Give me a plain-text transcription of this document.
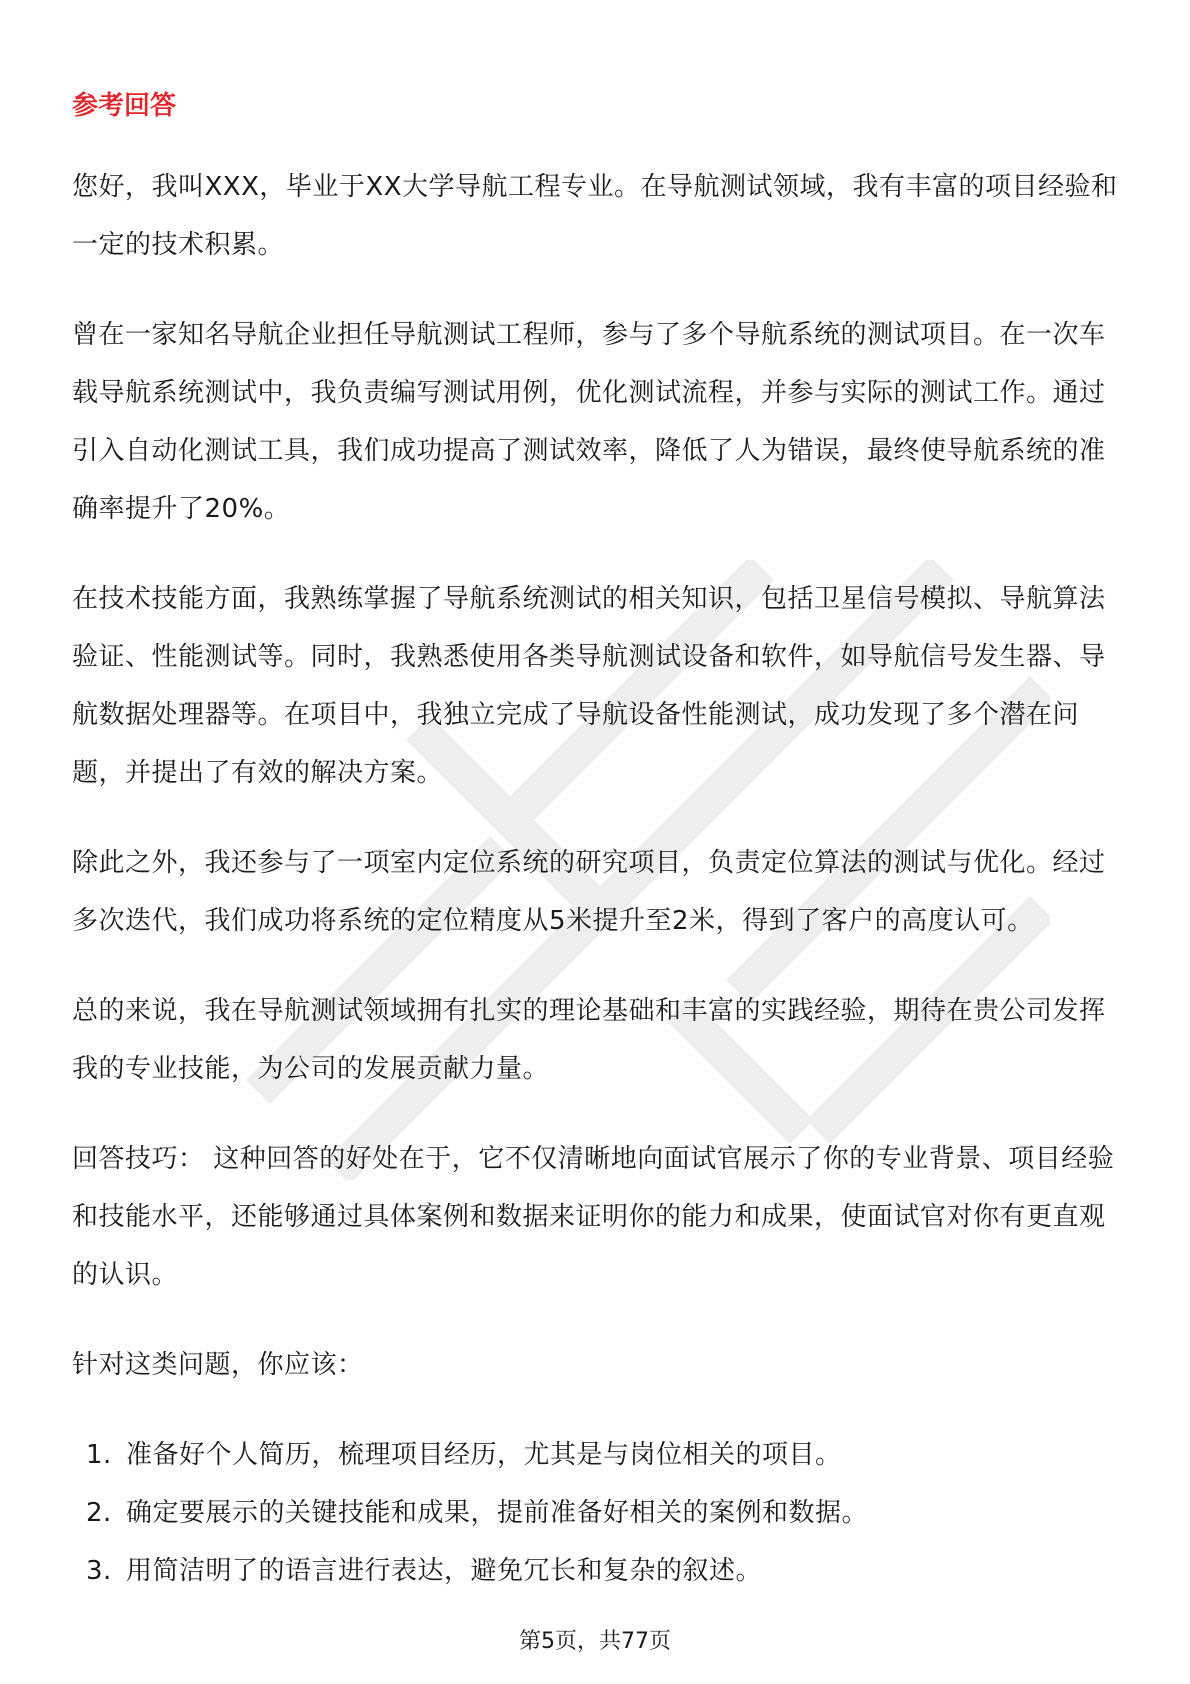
参考回答

您好，我叫XXX，毕业于XX大学导航工程专业。在导航测试领域，我有丰富的项目经验和一定的技术积累。

曾在一家知名导航企业担任导航测试工程师，参与了多个导航系统的测试项目。在一次车载导航系统测试中，我负责编写测试用例，优化测试流程，并参与实际的测试工作。通过引入自动化测试工具，我们成功提高了测试效率，降低了人为错误，最终使导航系统的准确率提升了20%。

在技术技能方面，我熟练掌握了导航系统测试的相关知识，包括卫星信号模拟、导航算法验证、性能测试等。同时，我熟悉使用各类导航测试设备和软件，如导航信号发生器、导航数据处理器等。在项目中，我独立完成了导航设备性能测试，成功发现了多个潜在问题，并提出了有效的解决方案。

除此之外，我还参与了一项室内定位系统的研究项目，负责定位算法的测试与优化。经过多次迭代，我们成功将系统的定位精度从5米提升至2米，得到了客户的高度认可。

总的来说，我在导航测试领域拥有扎实的理论基础和丰富的实践经验，期待在贵公司发挥我的专业技能，为公司的发展贡献力量。

回答技巧： 这种回答的好处在于，它不仅清晰地向面试官展示了你的专业背景、项目经验和技能水平，还能够通过具体案例和数据来证明你的能力和成果，使面试官对你有更直观的认识。

针对这类问题，你应该：

1. 准备好个人简历，梳理项目经历，尤其是与岗位相关的项目。
2. 确定要展示的关键技能和成果，提前准备好相关的案例和数据。
3. 用简洁明了的语言进行表达，避免冗长和复杂的叙述。
第5页，共77页
